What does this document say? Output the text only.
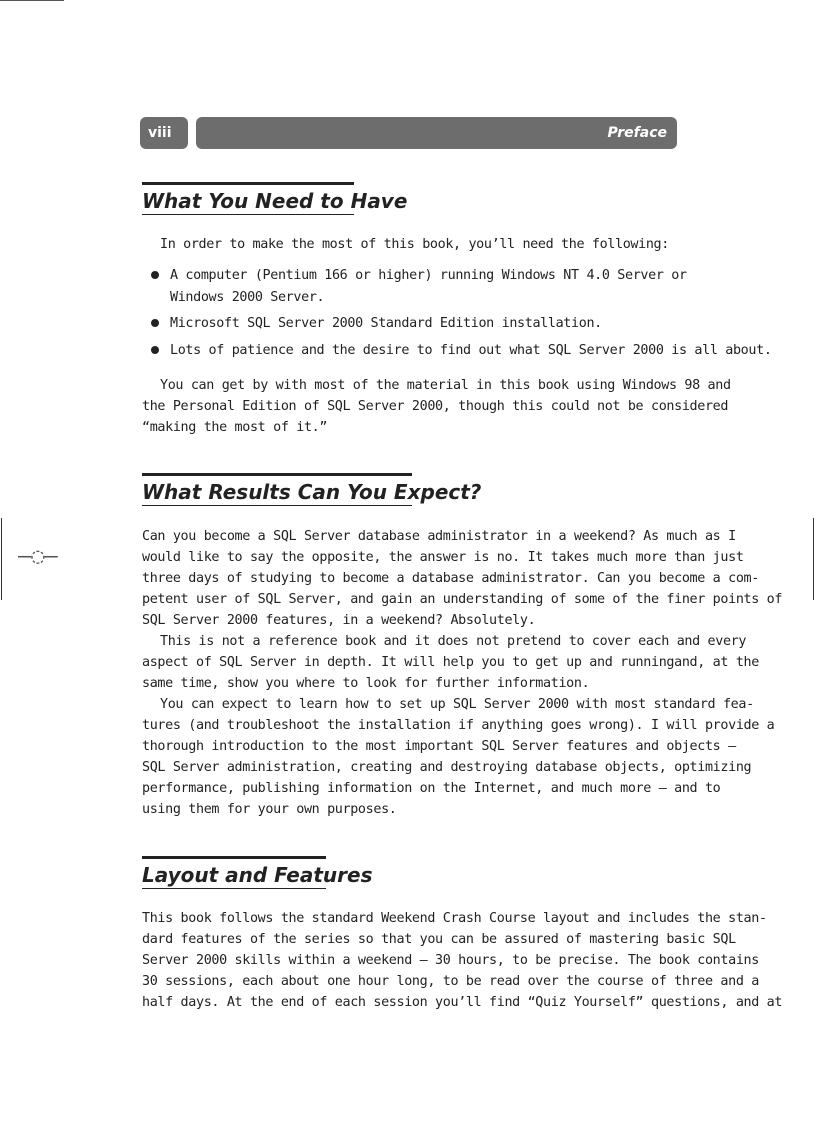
–◌–
viii	Preface
What You Need to Have
In order to make the most of this book, you’ll need the following:
A computer (Pentium 166 or higher) running Windows NT 4.0 Server or
Windows 2000 Server.
Microsoft SQL Server 2000 Standard Edition installation.
Lots of patience and the desire to find out what SQL Server 2000 is all about.
You can get by with most of the material in this book using Windows 98 and
the Personal Edition of SQL Server 2000, though this could not be considered
“making the most of it.”
What Results Can You Expect?
Can you become a SQL Server database administrator in a weekend? As much as I
would like to say the opposite, the answer is no. It takes much more than just
three days of studying to become a database administrator. Can you become a com-
petent user of SQL Server, and gain an understanding of some of the finer points of
SQL Server 2000 features, in a weekend? Absolutely.
This is not a reference book and it does not pretend to cover each and every
aspect of SQL Server in depth. It will help you to get up and runningand, at the
same time, show you where to look for further information.
You can expect to learn how to set up SQL Server 2000 with most standard fea-
tures (and troubleshoot the installation if anything goes wrong). I will provide a
thorough introduction to the most important SQL Server features and objects —
SQL Server administration, creating and destroying database objects, optimizing
performance, publishing information on the Internet, and much more — and to
using them for your own purposes.
Layout and Features
This book follows the standard Weekend Crash Course layout and includes the stan-
dard features of the series so that you can be assured of mastering basic SQL
Server 2000 skills within a weekend — 30 hours, to be precise. The book contains
30 sessions, each about one hour long, to be read over the course of three and a
half days. At the end of each session you’ll find “Quiz Yourself” questions, and at
